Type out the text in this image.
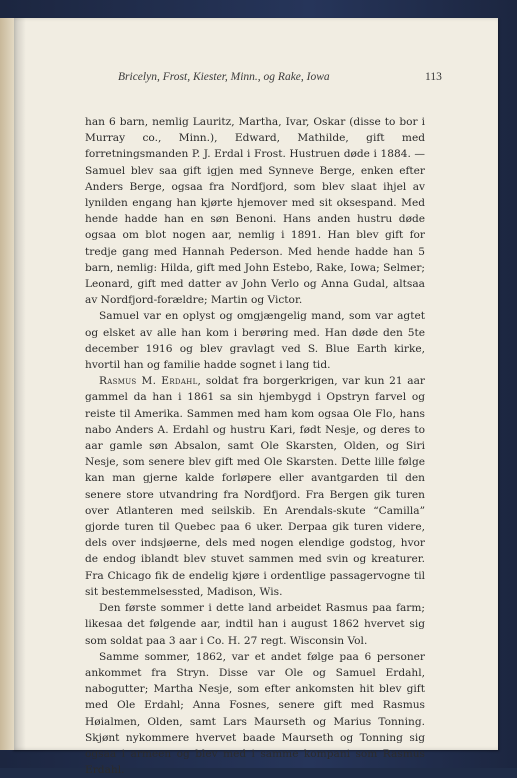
Bricelyn, Frost, Kiester, Minn., og Rake, Iowa	113

han 6 barn, nemlig Lauritz, Martha, Ivar, Oskar (disse to bor i Murray co., Minn.), Edward, Mathilde, gift med forretningsmanden P. J. Erdal i Frost. Hustruen døde i 1884. — Samuel blev saa gift igjen med Synneve Berge, enken efter Anders Berge, ogsaa fra Nordfjord, som blev slaat ihjel av lynilden engang han kjørte hjemover med sit oksespand. Med hende hadde han en søn Benoni. Hans anden hustru døde ogsaa om blot nogen aar, nemlig i 1891. Han blev gift for tredje gang med Hannah Pederson. Med hende hadde han 5 barn, nemlig: Hilda, gift med John Estebo, Rake, Iowa; Selmer; Leonard, gift med datter av John Verlo og Anna Gudal, altsaa av Nordfjord-forældre; Martin og Victor.

Samuel var en oplyst og omgjængelig mand, som var agtet og elsket av alle han kom i berøring med. Han døde den 5te december 1916 og blev gravlagt ved S. Blue Earth kirke, hvortil han og familie hadde sognet i lang tid.

Rasmus M. Erdahl, soldat fra borgerkrigen, var kun 21 aar gammel da han i 1861 sa sin hjembygd i Opstryn farvel og reiste til Amerika. Sammen med ham kom ogsaa Ole Flo, hans nabo Anders A. Erdahl og hustru Kari, født Nesje, og deres to aar gamle søn Absalon, samt Ole Skarsten, Olden, og Siri Nesje, som senere blev gift med Ole Skarsten. Dette lille følge kan man gjerne kalde forløpere eller avantgarden til den senere store utvandring fra Nordfjord. Fra Bergen gik turen over Atlanteren med seilskib. En Arendals-skute “Camilla” gjorde turen til Quebec paa 6 uker. Derpaa gik turen videre, dels over indsjøerne, dels med nogen elendige godstog, hvor de endog iblandt blev stuvet sammen med svin og kreaturer. Fra Chicago fik de endelig kjøre i ordentlige passagervogne til sit bestemmelsessted, Madison, Wis.

Den første sommer i dette land arbeidet Rasmus paa farm; likesaa det følgende aar, indtil han i august 1862 hvervet sig som soldat paa 3 aar i Co. H. 27 regt. Wisconsin Vol.

Samme sommer, 1862, var et andet følge paa 6 personer ankommet fra Stryn. Disse var Ole og Samuel Erdahl, nabogutter; Martha Nesje, som efter ankomsten hit blev gift med Ole Erdahl; Anna Fosnes, senere gift med Rasmus Høialmen, Olden, samt Lars Maurseth og Marius Tonning. Skjønt nykommere hvervet baade Maurseth og Tonning sig ogsaa i armeen og blev med i samme kompani som Rasmus Erdahl.
